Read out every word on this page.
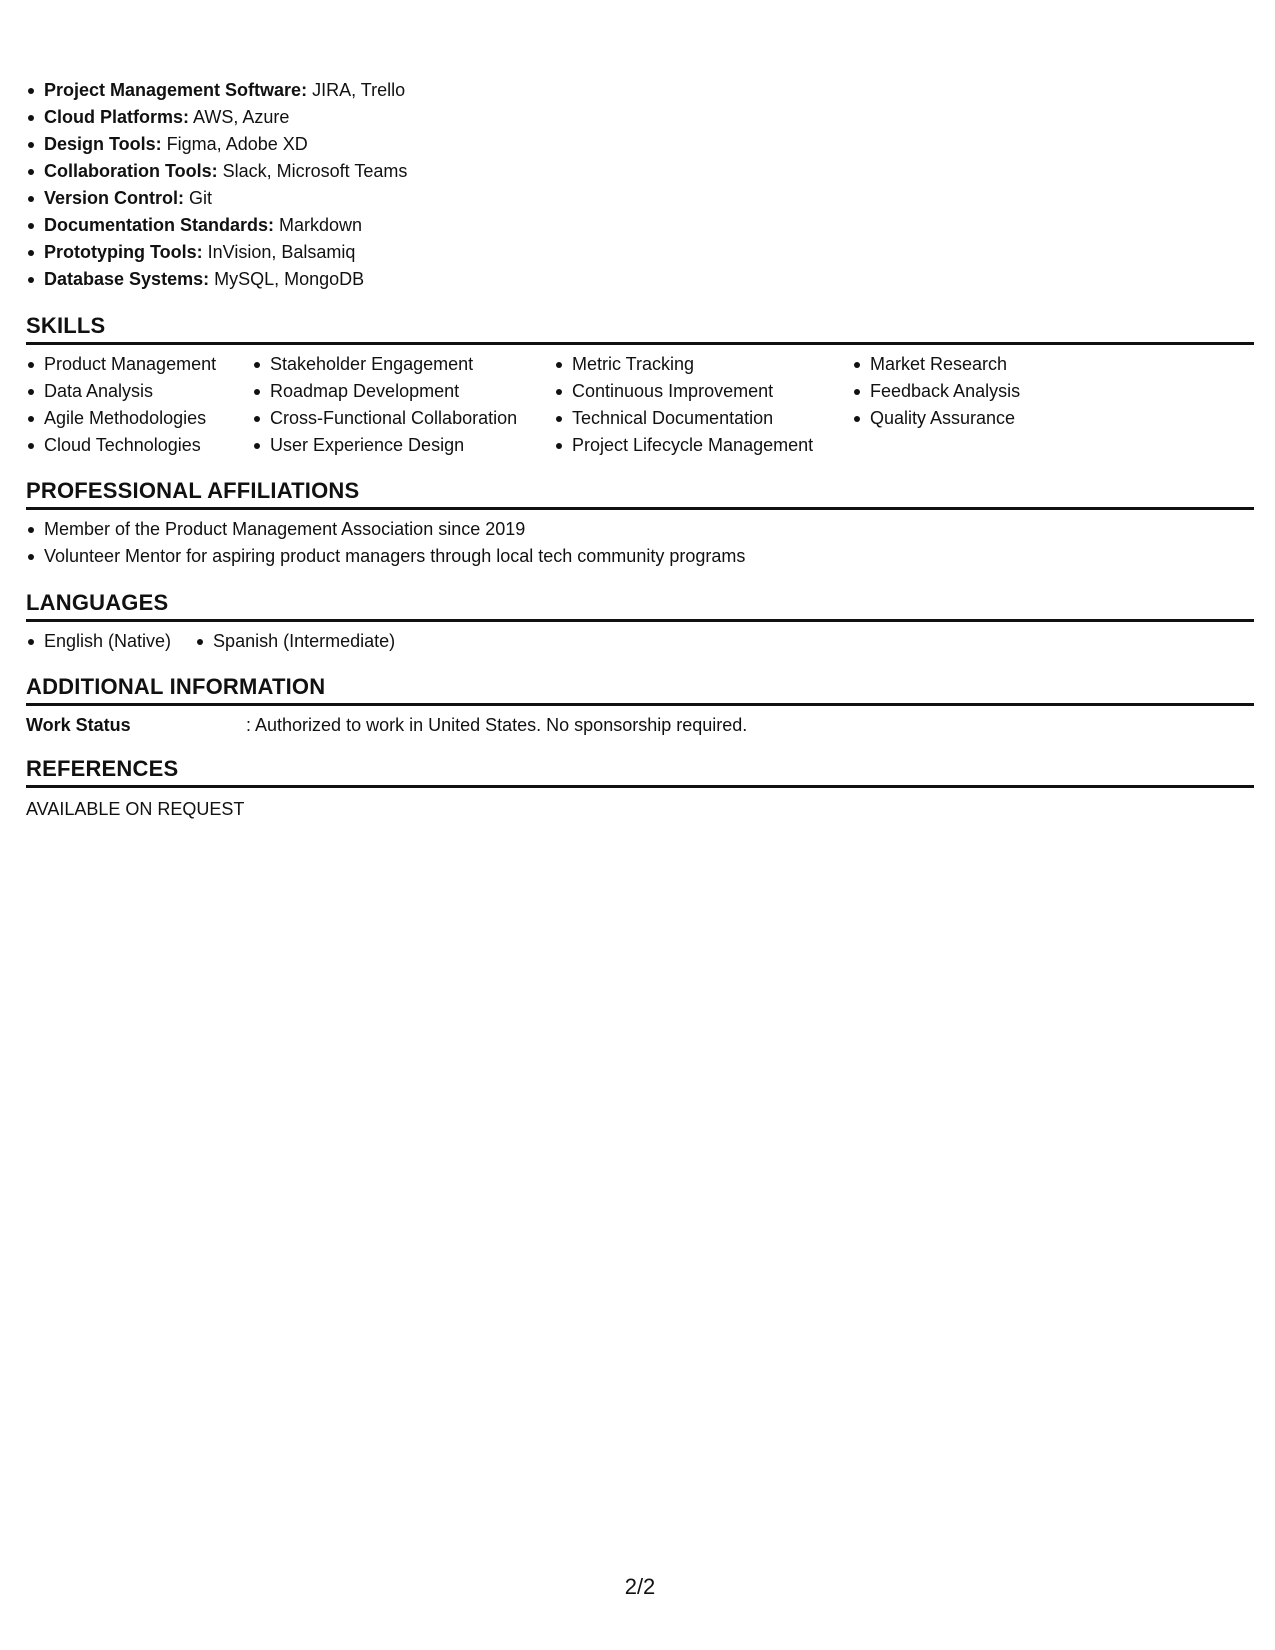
Project Management Software: JIRA, Trello
Cloud Platforms: AWS, Azure
Design Tools: Figma, Adobe XD
Collaboration Tools: Slack, Microsoft Teams
Version Control: Git
Documentation Standards: Markdown
Prototyping Tools: InVision, Balsamiq
Database Systems: MySQL, MongoDB
SKILLS
Product Management
Data Analysis
Agile Methodologies
Cloud Technologies
Stakeholder Engagement
Roadmap Development
Cross-Functional Collaboration
User Experience Design
Metric Tracking
Continuous Improvement
Technical Documentation
Project Lifecycle Management
Market Research
Feedback Analysis
Quality Assurance
PROFESSIONAL AFFILIATIONS
Member of the Product Management Association since 2019
Volunteer Mentor for aspiring product managers through local tech community programs
LANGUAGES
English (Native)	Spanish (Intermediate)
ADDITIONAL INFORMATION
Work Status	: Authorized to work in United States. No sponsorship required.
REFERENCES
AVAILABLE ON REQUEST
2/2
